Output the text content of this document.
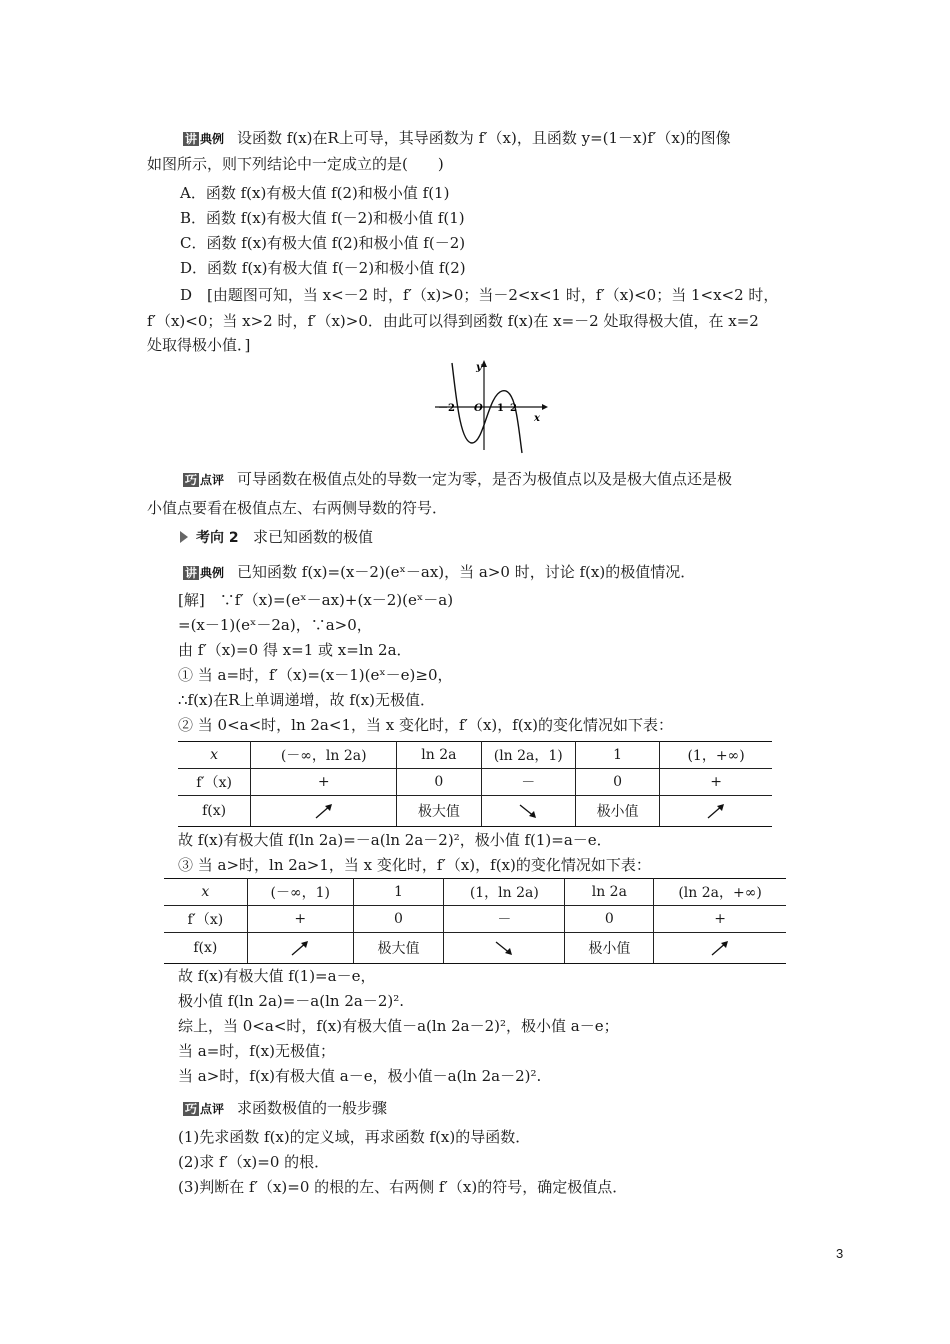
讲 典例 设函数 f(x)在R上可导，其导函数为 f′（x)，且函数 y=(1－x)f′（x)的图像
如图所示，则下列结论中一定成立的是(　　)
A．函数 f(x)有极大值 f(2)和极小值 f(1)
B．函数 f(x)有极大值 f(－2)和极小值 f(1)
C．函数 f(x)有极大值 f(2)和极小值 f(－2)
D．函数 f(x)有极大值 f(－2)和极小值 f(2)
D　[由题图可知，当 x<－2 时，f′（x)>0；当－2<x<1 时，f′（x)<0；当 1<x<2 时，
f′（x)<0；当 x>2 时，f′（x)>0．由此可以得到函数 f(x)在 x=－2 处取得极大值，在 x=2
处取得极小值．]
y
x
－2 O 1 2
巧 点评 可导函数在极值点处的导数一定为零，是否为极值点以及是极大值点还是极
小值点要看在极值点左、右两侧导数的符号．
考向 2 求已知函数的极值
讲 典例 已知函数 f(x)=(x－2)(eˣ－ax)，当 a>0 时，讨论 f(x)的极值情况．
[解]　∵f′（x)=(eˣ－ax)+(x－2)(eˣ－a)
=(x－1)(eˣ－2a)，∵a>0，
由 f′（x)=0 得 x=1 或 x=ln 2a．
① 当 a=时，f′（x)=(x－1)(eˣ－e)≥0，
∴f(x)在R上单调递增，故 f(x)无极值．
② 当 0<a<时，ln 2a<1，当 x 变化时，f′（x)，f(x)的变化情况如下表：
x	(－∞，ln 2a)	ln 2a	(ln 2a，1)	1	(1，+∞)
f′（x)	+	0	－	0	+
f(x)		极大值		极小值	
故 f(x)有极大值 f(ln 2a)=－a(ln 2a－2)²，极小值 f(1)=a－e．
③ 当 a>时，ln 2a>1，当 x 变化时，f′（x)，f(x)的变化情况如下表：
x	(－∞，1)	1	(1，ln 2a)	ln 2a	(ln 2a，+∞)
f′（x)	+	0	－	0	+
f(x)		极大值		极小值	
故 f(x)有极大值 f(1)=a－e，
极小值 f(ln 2a)=－a(ln 2a－2)².
综上，当 0<a<时，f(x)有极大值－a(ln 2a－2)²，极小值 a－e；
当 a=时，f(x)无极值；
当 a>时，f(x)有极大值 a－e，极小值－a(ln 2a－2)².
巧 点评 求函数极值的一般步骤
(1)先求函数 f(x)的定义域，再求函数 f(x)的导函数．
(2)求 f′（x)=0 的根．
(3)判断在 f′（x)=0 的根的左、右两侧 f′（x)的符号，确定极值点．
3
